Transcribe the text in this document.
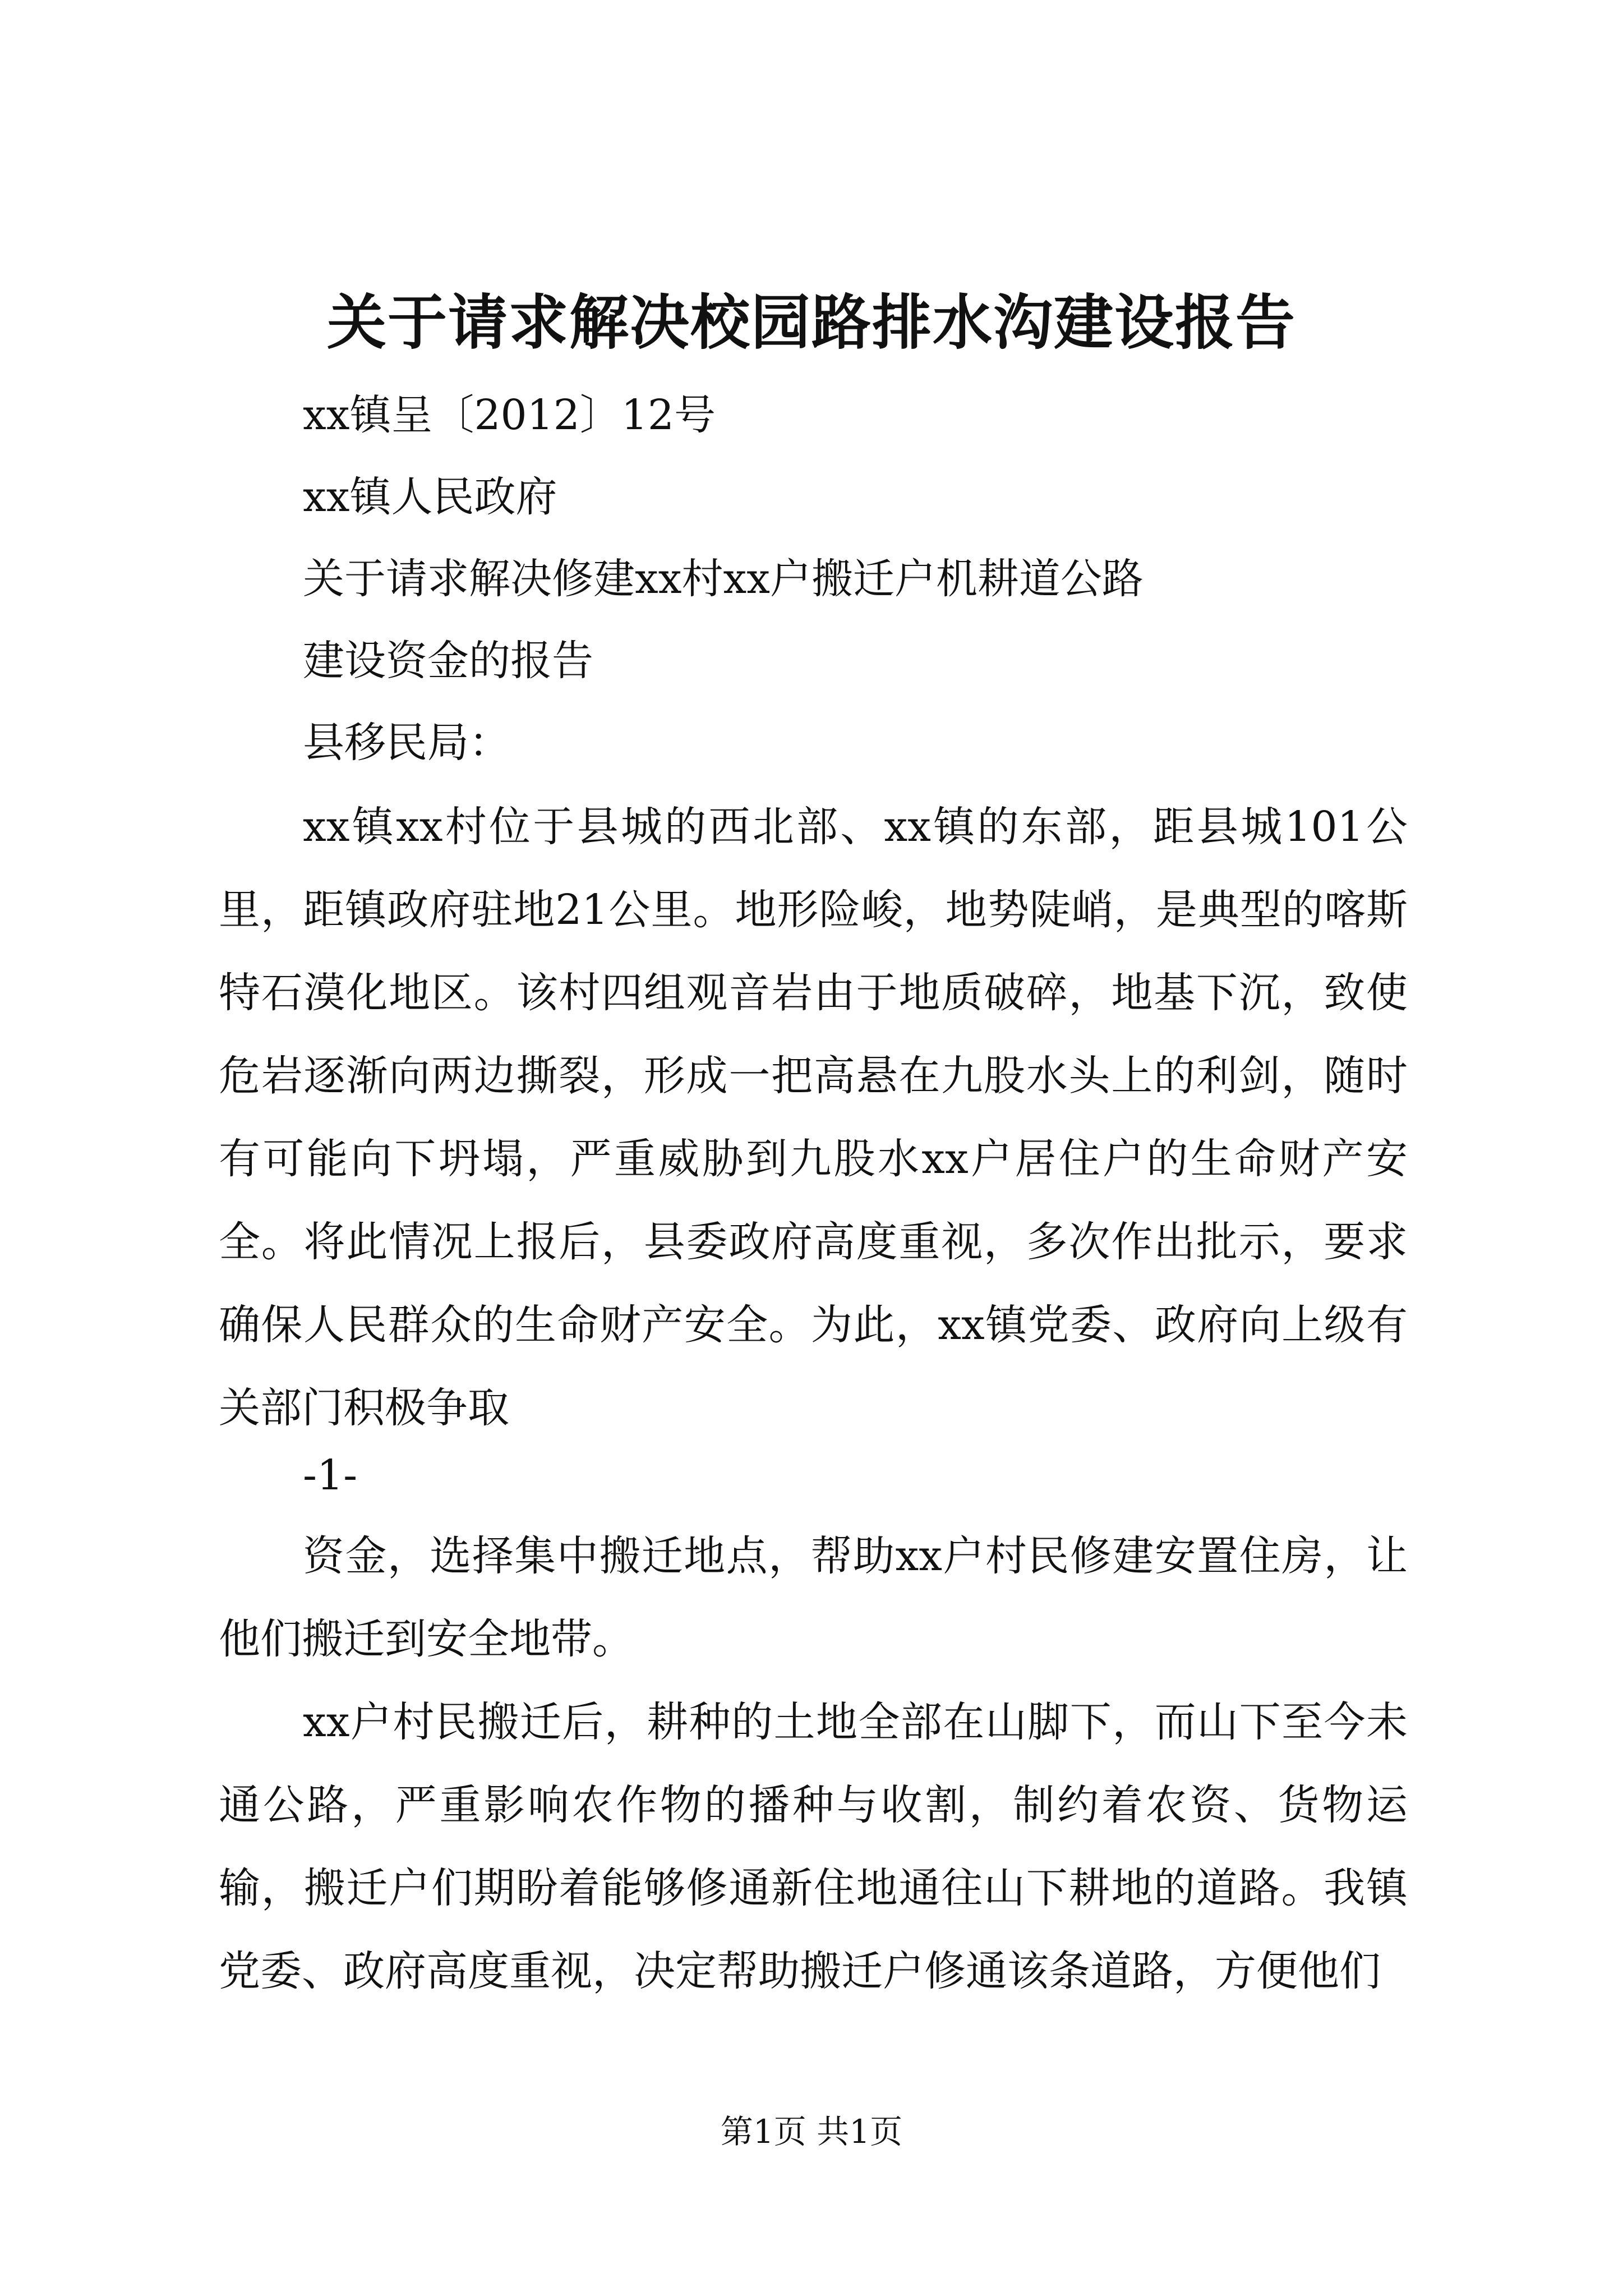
关于请求解决校园路排水沟建设报告
xx镇呈〔2012〕12号
xx镇人民政府
关于请求解决修建xx村xx户搬迁户机耕道公路
建设资金的报告
县移民局：
xx镇xx村位于县城的西北部、xx镇的东部，距县城101公里，距镇政府驻地21公里。地形险峻，地势陡峭，是典型的喀斯特石漠化地区。该村四组观音岩由于地质破碎，地基下沉，致使危岩逐渐向两边撕裂，形成一把高悬在九股水头上的利剑，随时有可能向下坍塌，严重威胁到九股水xx户居住户的生命财产安全。将此情况上报后，县委政府高度重视，多次作出批示，要求确保人民群众的生命财产安全。为此，xx镇党委、政府向上级有关部门积极争取
-1-
资金，选择集中搬迁地点，帮助xx户村民修建安置住房，让他们搬迁到安全地带。
xx户村民搬迁后，耕种的土地全部在山脚下，而山下至今未通公路，严重影响农作物的播种与收割，制约着农资、货物运输，搬迁户们期盼着能够修通新住地通往山下耕地的道路。我镇党委、政府高度重视，决定帮助搬迁户修通该条道路，方便他们
第1页 共1页
